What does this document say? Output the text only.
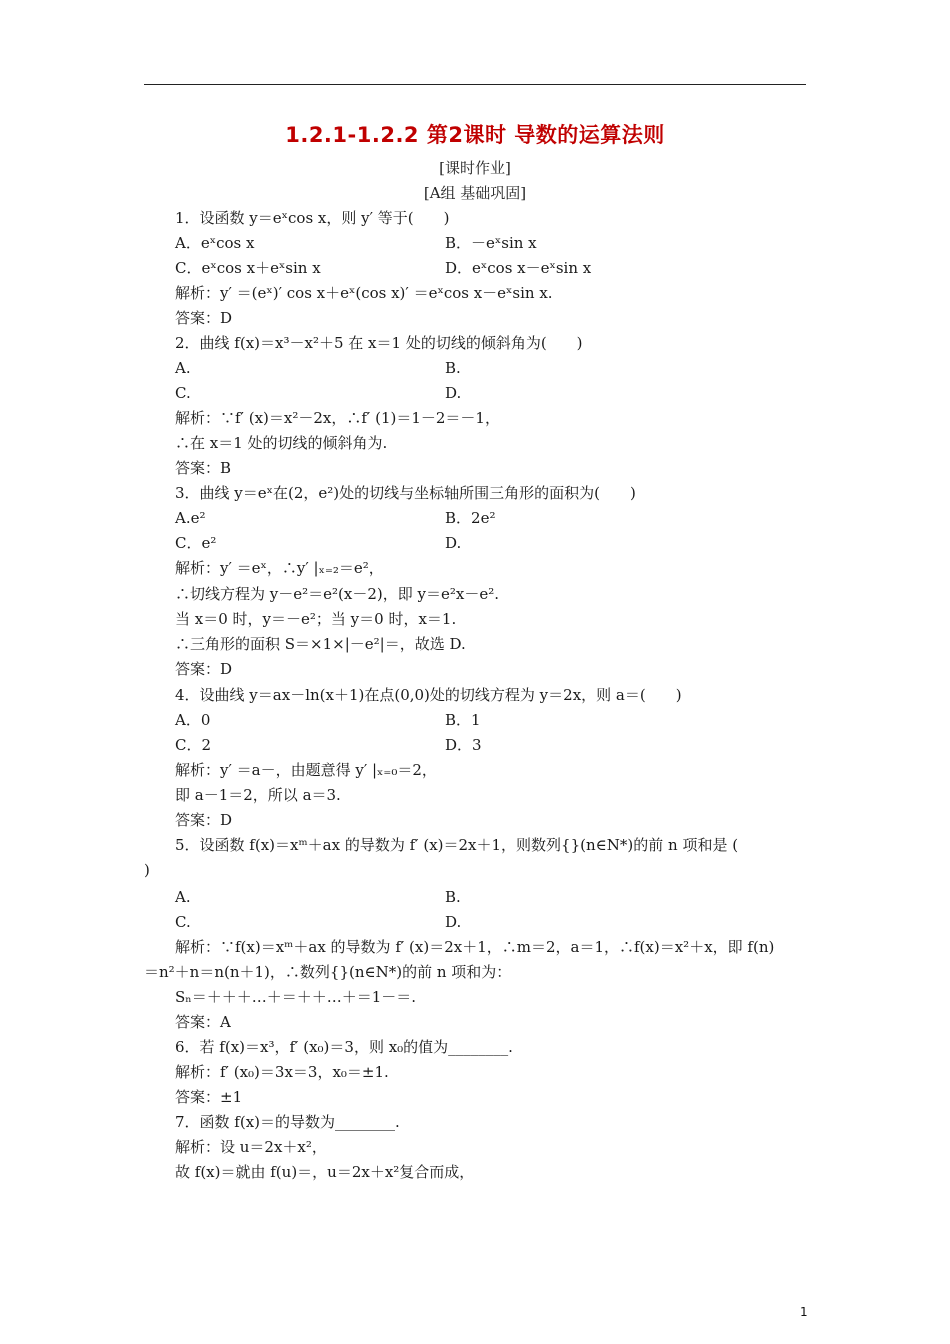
1.2.1-1.2.2 第2课时 导数的运算法则
[课时作业]
[A组 基础巩固]
1．设函数 y＝eˣcos x，则 y′ 等于(　　)
A．eˣcos x	B．－eˣsin x
C．eˣcos x＋eˣsin x	D．eˣcos x－eˣsin x
解析：y′ ＝(eˣ)′ cos x＋eˣ(cos x)′ ＝eˣcos x－eˣsin x.
答案：D
2．曲线 f(x)＝x³－x²＋5 在 x＝1 处的切线的倾斜角为(　　)
A.	B.
C.	D.
解析：∵f′ (x)＝x²－2x，∴f′ (1)＝1－2＝－1，
∴在 x＝1 处的切线的倾斜角为.
答案：B
3．曲线 y＝eˣ在(2，e²)处的切线与坐标轴所围三角形的面积为(　　)
A.e²	B．2e²
C．e²	D.
解析：y′ ＝eˣ，∴y′ |ₓ₌₂＝e²，
∴切线方程为 y－e²＝e²(x－2)，即 y＝e²x－e².
当 x＝0 时，y＝－e²；当 y＝0 时，x＝1.
∴三角形的面积 S＝×1×|－e²|＝，故选 D.
答案：D
4．设曲线 y＝ax－ln(x＋1)在点(0,0)处的切线方程为 y＝2x，则 a＝(　　)
A．0	B．1
C．2	D．3
解析：y′ ＝a－，由题意得 y′ |ₓ₌₀＝2，
即 a－1＝2，所以 a＝3.
答案：D
5．设函数 f(x)＝xᵐ＋ax 的导数为 f′ (x)＝2x＋1，则数列{}(n∈N*)的前 n 项和是 (
)
A.	B.
C.	D.
解析：∵f(x)＝xᵐ＋ax 的导数为 f′ (x)＝2x＋1，∴m＝2，a＝1，∴f(x)＝x²＋x，即 f(n)
＝n²＋n＝n(n＋1)，∴数列{}(n∈N*)的前 n 项和为：
Sₙ＝＋＋＋…＋＝＋＋…＋＝1－＝.
答案：A
6．若 f(x)＝x³，f′ (x₀)＝3，则 x₀的值为________.
解析：f′ (x₀)＝3x＝3，x₀＝±1.
答案：±1
7．函数 f(x)＝的导数为________.
解析：设 u＝2x＋x²，
故 f(x)＝就由 f(u)＝，u＝2x＋x²复合而成，
1
